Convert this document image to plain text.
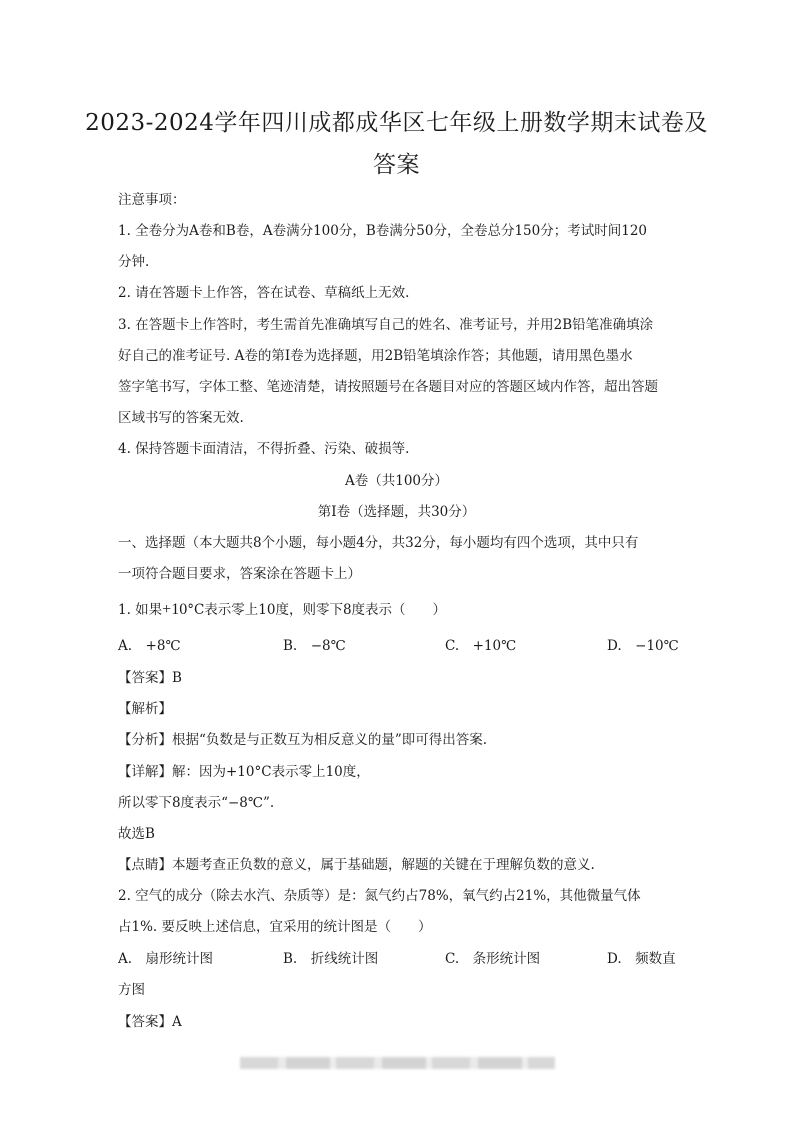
2023-2024学年四川成都成华区七年级上册数学期末试卷及
答案
注意事项：
1. 全卷分为A卷和B卷，A卷满分100分，B卷满分50分，全卷总分150分；考试时间120
分钟.
2. 请在答题卡上作答，答在试卷、草稿纸上无效.
3. 在答题卡上作答时，考生需首先准确填写自己的姓名、准考证号，并用2B铅笔准确填涂
好自己的准考证号. A卷的第Ⅰ卷为选择题，用2B铅笔填涂作答；其他题，请用黑色墨水
签字笔书写，字体工整、笔迹清楚，请按照题号在各题目对应的答题区域内作答，超出答题
区域书写的答案无效.
4. 保持答题卡面清洁，不得折叠、污染、破损等.
A卷（共100分）
第Ⅰ卷（选择题，共30分）
一、选择题（本大题共8个小题，每小题4分，共32分，每小题均有四个选项，其中只有
一项符合题目要求，答案涂在答题卡上）
1. 如果+10°C表示零上10度，则零下8度表示（　　）
A.　+8℃	B.　−8℃	C.　+10℃	D.　−10℃
【答案】B
【解析】
【分析】根据“负数是与正数互为相反意义的量”即可得出答案.
【详解】解：因为+10°C表示零上10度，
所以零下8度表示“−8℃”.
故选B
【点睛】本题考查正负数的意义，属于基础题，解题的关键在于理解负数的意义.
2. 空气的成分（除去水汽、杂质等）是：氮气约占78%，氧气约占21%，其他微量气体
占1%. 要反映上述信息，宜采用的统计图是（　　）
A.　扇形统计图	B.　折线统计图	C.　条形统计图	D.　频数直
方图
【答案】A
